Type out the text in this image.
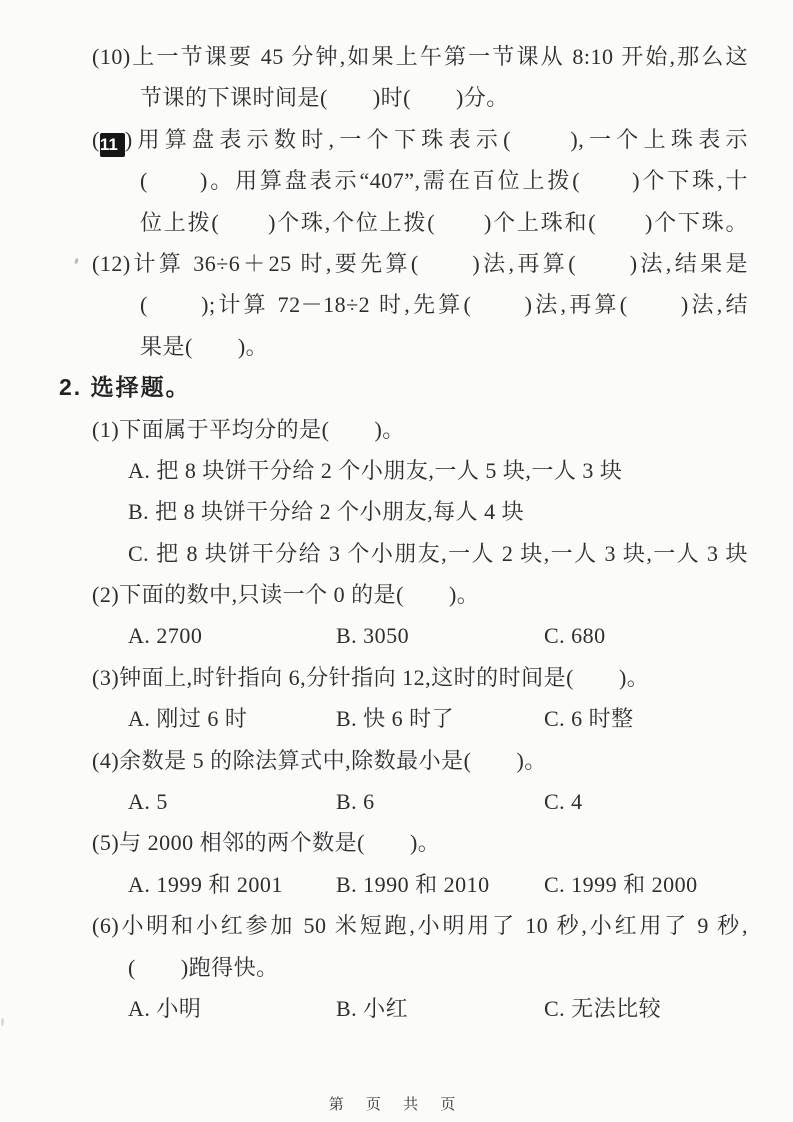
(10)上一节课要 45 分钟,如果上午第一节课从 8:10 开始,那么这
节课的下课时间是(　　)时(　　)分。
(11 )用算盘表示数时,一个下珠表示(　　),一个上珠表示
(　　)。用算盘表示“407”,需在百位上拨(　　)个下珠,十
位上拨(　　)个珠,个位上拨(　　)个上珠和(　　)个下珠。
(12)计算 36÷6＋25 时,要先算(　　)法,再算(　　)法,结果是
(　　);计算 72－18÷2 时,先算(　　)法,再算(　　)法,结
果是(　　)。
2. 选择题。
(1)下面属于平均分的是(　　)。
A. 把 8 块饼干分给 2 个小朋友,一人 5 块,一人 3 块
B. 把 8 块饼干分给 2 个小朋友,每人 4 块
C. 把 8 块饼干分给 3 个小朋友,一人 2 块,一人 3 块,一人 3 块
(2)下面的数中,只读一个 0 的是(　　)。
A. 2700	B. 3050	C. 680
(3)钟面上,时针指向 6,分针指向 12,这时的时间是(　　)。
A. 刚过 6 时	B. 快 6 时了	C. 6 时整
(4)余数是 5 的除法算式中,除数最小是(　　)。
A. 5	B. 6	C. 4
(5)与 2000 相邻的两个数是(　　)。
A. 1999 和 2001	B. 1990 和 2010	C. 1999 和 2000
(6)小明和小红参加 50 米短跑,小明用了 10 秒,小红用了 9 秒,
(　　)跑得快。
A. 小明	B. 小红	C. 无法比较
第 页 共 页
